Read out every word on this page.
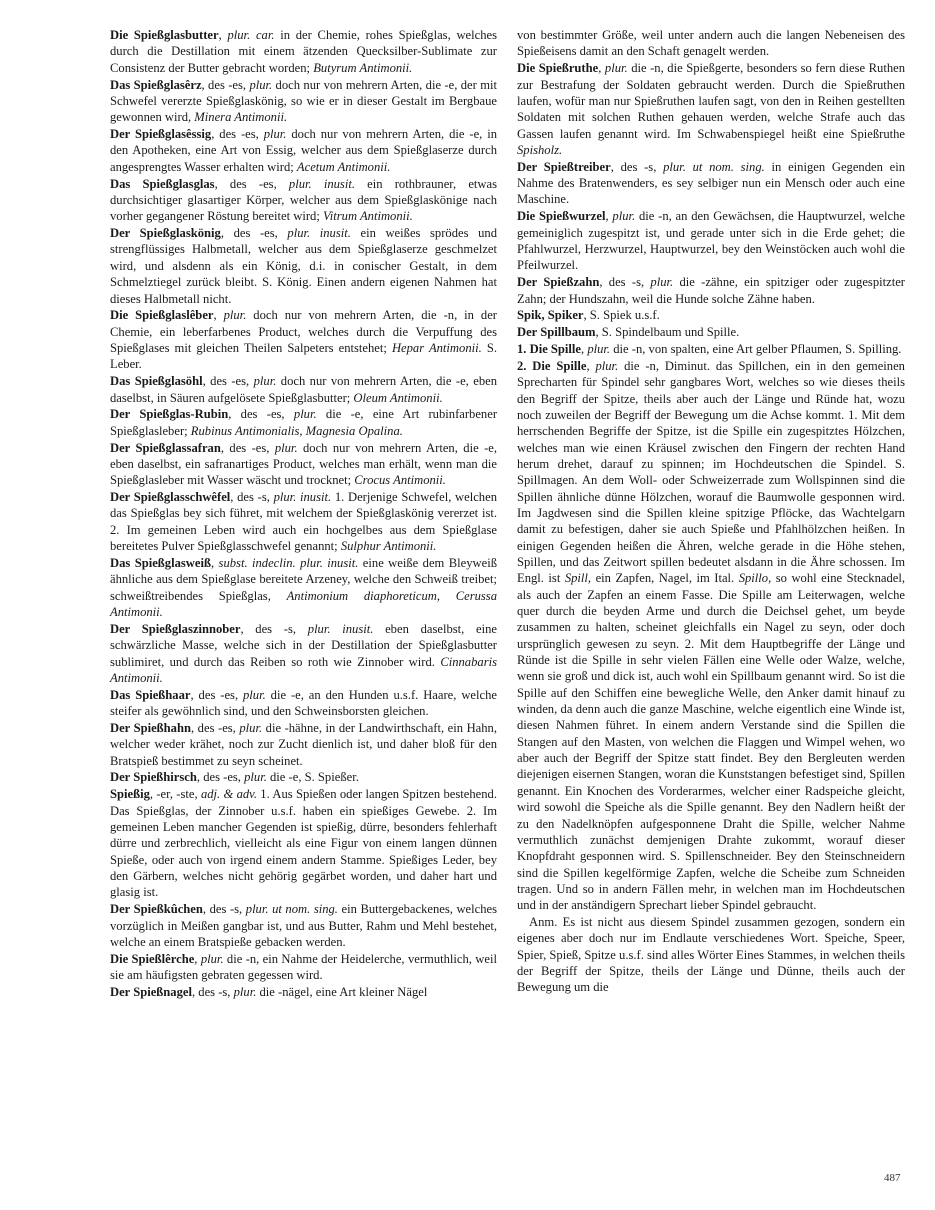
Die Spießglasbutter, plur. car. in der Chemie, rohes Spießglas, welches durch die Destillation mit einem ätzenden Quecksilber-Sublimate zur Consistenz der Butter gebracht worden; Butyrum Antimonii.
Das Spießglasêrz, des -es, plur. doch nur von mehrern Arten, die -e, der mit Schwefel vererzte Spießglaskönig, so wie er in dieser Gestalt im Bergbaue gewonnen wird, Minera Antimonii.
Der Spießglasêssig, des -es, plur. doch nur von mehrern Arten, die -e, in den Apotheken, eine Art von Essig, welcher aus dem Spießglaserze durch angesprengtes Wasser erhalten wird; Acetum Antimonii.
Das Spießglasglas, des -es, plur. inusit. ein rothbrauner, etwas durchsichtiger glasartiger Körper, welcher aus dem Spießglaskönige nach vorher gegangener Röstung bereitet wird; Vitrum Antimonii.
Der Spießglaskönig, des -es, plur. inusit. ein weißes sprödes und strengflüssiges Halbmetall, welcher aus dem Spießglaserze geschmelzet wird, und alsdenn als ein König, d.i. in conischer Gestalt, in dem Schmelztiegel zurück bleibt. S. König. Einen andern eigenen Nahmen hat dieses Halbmetall nicht.
Die Spießglaslêber, plur. doch nur von mehrern Arten, die -n, in der Chemie, ein leberfarbenes Product, welches durch die Verpuffung des Spießglases mit gleichen Theilen Salpeters entstehet; Hepar Antimonii. S. Leber.
Das Spießglasöhl, des -es, plur. doch nur von mehrern Arten, die -e, eben daselbst, in Säuren aufgelösete Spießglasbutter; Oleum Antimonii.
Der Spießglas-Rubin, des -es, plur. die -e, eine Art rubinfarbener Spießglasleber; Rubinus Antimonialis, Magnesia Opalina.
Der Spießglassafran, des -es, plur. doch nur von mehrern Arten, die -e, eben daselbst, ein safranartiges Product, welches man erhält, wenn man die Spießglasleber mit Wasser wäscht und trocknet; Crocus Antimonii.
Der Spießglasschwêfel, des -s, plur. inusit. 1. Derjenige Schwefel, welchen das Spießglas bey sich führet, mit welchem der Spießglaskönig vererzet ist. 2. Im gemeinen Leben wird auch ein hochgelbes aus dem Spießglase bereitetes Pulver Spießglasschwefel genannt; Sulphur Antimonii.
Das Spießglasweiß, subst. indeclin. plur. inusit. eine weiße dem Bleyweiß ähnliche aus dem Spießglase bereitete Arzeney, welche den Schweiß treibet; schweißtreibendes Spießglas, Antimonium diaphoreticum, Cerussa Antimonii.
Der Spießglaszinnober, des -s, plur. inusit. eben daselbst, eine schwärzliche Masse, welche sich in der Destillation der Spießglasbutter sublimiret, und durch das Reiben so roth wie Zinnober wird. Cinnabaris Antimonii.
Das Spießhaar, des -es, plur. die -e, an den Hunden u.s.f. Haare, welche steifer als gewöhnlich sind, und den Schweinsborsten gleichen.
Der Spießhahn, des -es, plur. die -hähne, in der Landwirthschaft, ein Hahn, welcher weder krähet, noch zur Zucht dienlich ist, und daher bloß für den Bratspieß bestimmet zu seyn scheinet.
Der Spießhirsch, des -es, plur. die -e, S. Spießer.
Spießig, -er, -ste, adj. & adv. 1. Aus Spießen oder langen Spitzen bestehend. Das Spießglas, der Zinnober u.s.f. haben ein spießiges Gewebe. 2. Im gemeinen Leben mancher Gegenden ist spießig, dürre, besonders fehlerhaft dürre und zerbrechlich, vielleicht als eine Figur von einem langen dünnen Spieße, oder auch von irgend einem andern Stamme. Spießiges Leder, bey den Gärbern, welches nicht gehörig gegärbet worden, und daher hart und glasig ist.
Der Spießkûchen, des -s, plur. ut nom. sing. ein Buttergebackenes, welches vorzüglich in Meißen gangbar ist, und aus Butter, Rahm und Mehl bestehet, welche an einem Bratspieße gebacken werden.
Die Spießlêrche, plur. die -n, ein Nahme der Heidelerche, vermuthlich, weil sie am häufigsten gebraten gegessen wird.
Der Spießnagel, des -s, plur. die -nägel, eine Art kleiner Nägel
von bestimmter Größe, weil unter andern auch die langen Nebeneisen des Spießeisens damit an den Schaft genagelt werden.
Die Spießruthe, plur. die -n, die Spießgerte, besonders so fern diese Ruthen zur Bestrafung der Soldaten gebraucht werden. Durch die Spießruthen laufen, wofür man nur Spießruthen laufen sagt, von den in Reihen gestellten Soldaten mit solchen Ruthen gehauen werden, welche Strafe auch das Gassen laufen genannt wird. Im Schwabenspiegel heißt eine Spießruthe Spisholz.
Der Spießtreiber, des -s, plur. ut nom. sing. in einigen Gegenden ein Nahme des Bratenwenders, es sey selbiger nun ein Mensch oder auch eine Maschine.
Die Spießwurzel, plur. die -n, an den Gewächsen, die Hauptwurzel, welche gemeiniglich zugespitzt ist, und gerade unter sich in die Erde gehet; die Pfahlwurzel, Herzwurzel, Hauptwurzel, bey den Weinstöcken auch wohl die Pfeilwurzel.
Der Spießzahn, des -s, plur. die -zähne, ein spitziger oder zugespitzter Zahn; der Hundszahn, weil die Hunde solche Zähne haben.
Spik, Spiker, S. Spiek u.s.f.
Der Spillbaum, S. Spindelbaum und Spille.
1. Die Spille, plur. die -n, von spalten, eine Art gelber Pflaumen, S. Spilling.
2. Die Spille, plur. die -n, Diminut. das Spillchen, ein in den gemeinen Sprecharten für Spindel sehr gangbares Wort, welches so wie dieses theils den Begriff der Spitze, theils aber auch der Länge und Ründe hat, wozu noch zuweilen der Begriff der Bewegung um die Achse kommt. 1. Mit dem herrschenden Begriffe der Spitze, ist die Spille ein zugespitztes Hölzchen, welches man wie einen Kräusel zwischen den Fingern der rechten Hand herum drehet, darauf zu spinnen; im Hochdeutschen die Spindel. S. Spillmagen. An dem Woll- oder Schweizerrade zum Wollspinnen sind die Spillen ähnliche dünne Hölzchen, worauf die Baumwolle gesponnen wird. Im Jagdwesen sind die Spillen kleine spitzige Pflöcke, das Wachtelgarn damit zu befestigen, daher sie auch Spieße und Pfahlhölzchen heißen. In einigen Gegenden heißen die Ähren, welche gerade in die Höhe stehen, Spillen, und das Zeitwort spillen bedeutet alsdann in die Ähre schossen. Im Engl. ist Spill, ein Zapfen, Nagel, im Ital. Spillo, so wohl eine Stecknadel, als auch der Zapfen an einem Fasse. Die Spille am Leiterwagen, welche quer durch die beyden Arme und durch die Deichsel gehet, um beyde zusammen zu halten, scheinet gleichfalls ein Nagel zu seyn, oder doch ursprünglich gewesen zu seyn. 2. Mit dem Hauptbegriffe der Länge und Ründe ist die Spille in sehr vielen Fällen eine Welle oder Walze, welche, wenn sie groß und dick ist, auch wohl ein Spillbaum genannt wird. So ist die Spille auf den Schiffen eine bewegliche Welle, den Anker damit hinauf zu winden, da denn auch die ganze Maschine, welche eigentlich eine Winde ist, diesen Nahmen führet. In einem andern Verstande sind die Spillen die Stangen auf den Masten, von welchen die Flaggen und Wimpel wehen, wo aber auch der Begriff der Spitze statt findet. Bey den Bergleuten werden diejenigen eisernen Stangen, woran die Kunststangen befestiget sind, Spillen genannt. Ein Knochen des Vorderarmes, welcher einer Radspeiche gleicht, wird sowohl die Speiche als die Spille genannt. Bey den Nadlern heißt der zu den Nadelknöpfen aufgesponnene Draht die Spille, welcher Nahme vermuthlich zunächst demjenigen Drahte zukommt, worauf dieser Knopfdraht gesponnen wird. S. Spillenschneider. Bey den Steinschneidern sind die Spillen kegelförmige Zapfen, welche die Scheibe zum Schneiden tragen. Und so in andern Fällen mehr, in welchen man im Hochdeutschen und in der anständigern Sprechart lieber Spindel gebraucht.

Anm. Es ist nicht aus diesem Spindel zusammen gezogen, sondern ein eigenes aber doch nur im Endlaute verschiedenes Wort. Speiche, Speer, Spier, Spieß, Spitze u.s.f. sind alles Wörter Eines Stammes, in welchen theils der Begriff der Spitze, theils der Länge und Dünne, theils auch der Bewegung um die

487
